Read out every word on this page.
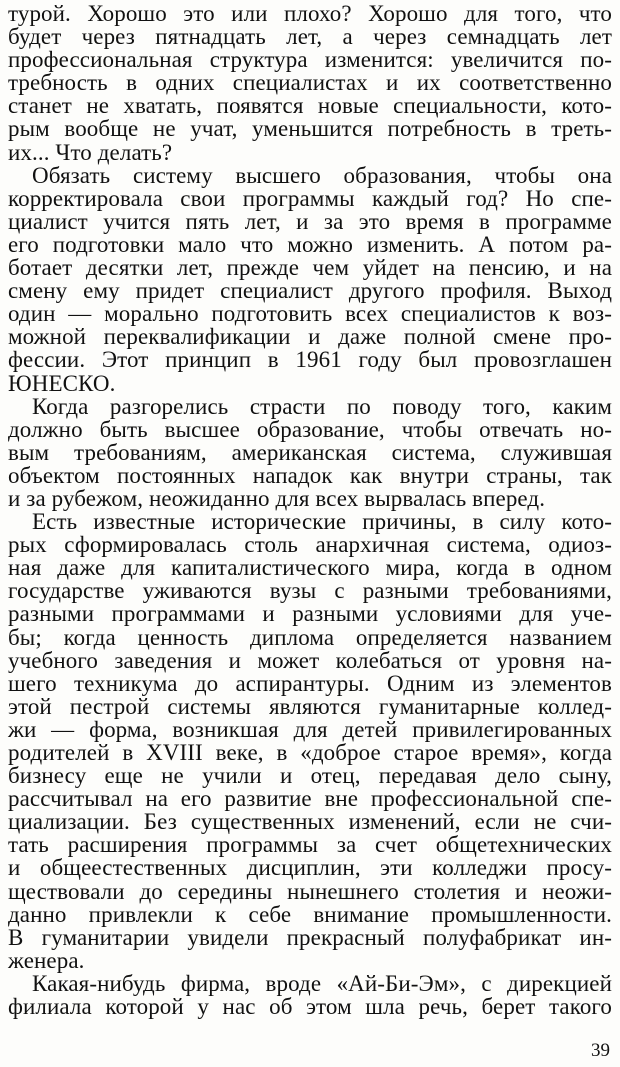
турой. Хорошо это или плохо? Хорошо для того, что
будет через пятнадцать лет, а через семнадцать лет
профессиональная структура изменится: увеличится по-
требность в одних специалистах и их соответственно
станет не хватать, появятся новые специальности, кото-
рым вообще не учат, уменьшится потребность в треть-
их... Что делать?
Обязать систему высшего образования, чтобы она
корректировала свои программы каждый год? Но спе-
циалист учится пять лет, и за это время в программе
его подготовки мало что можно изменить. А потом ра-
ботает десятки лет, прежде чем уйдет на пенсию, и на
смену ему придет специалист другого профиля. Выход
один — морально подготовить всех специалистов к воз-
можной переквалификации и даже полной смене про-
фессии. Этот принцип в 1961 году был провозглашен
ЮНЕСКО.
Когда разгорелись страсти по поводу того, каким
должно быть высшее образование, чтобы отвечать но-
вым требованиям, американская система, служившая
объектом постоянных нападок как внутри страны, так
и за рубежом, неожиданно для всех вырвалась вперед.
Есть известные исторические причины, в силу кото-
рых сформировалась столь анархичная система, одиоз-
ная даже для капиталистического мира, когда в одном
государстве уживаются вузы с разными требованиями,
разными программами и разными условиями для уче-
бы; когда ценность диплома определяется названием
учебного заведения и может колебаться от уровня на-
шего техникума до аспирантуры. Одним из элементов
этой пестрой системы являются гуманитарные коллед-
жи — форма, возникшая для детей привилегированных
родителей в XVIII веке, в «доброе старое время», когда
бизнесу еще не учили и отец, передавая дело сыну,
рассчитывал на его развитие вне профессиональной спе-
циализации. Без существенных изменений, если не счи-
тать расширения программы за счет общетехнических
и общеестественных дисциплин, эти колледжи просу-
ществовали до середины нынешнего столетия и неожи-
данно привлекли к себе внимание промышленности.
В гуманитарии увидели прекрасный полуфабрикат ин-
женера.
Какая-нибудь фирма, вроде «Ай-Би-Эм», с дирекцией
филиала которой у нас об этом шла речь, берет такого
39
